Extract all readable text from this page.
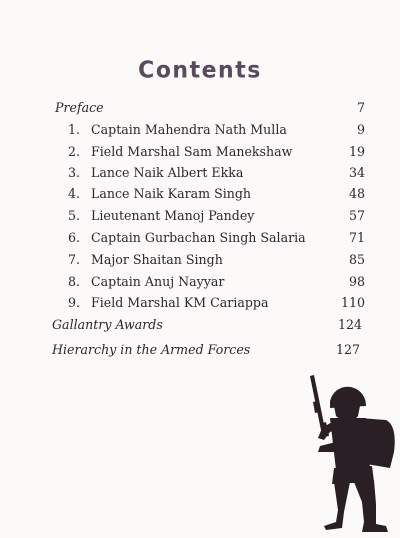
Contents
Preface	7
1. Captain Mahendra Nath Mulla	9
2. Field Marshal Sam Manekshaw	19
3. Lance Naik Albert Ekka	34
4. Lance Naik Karam Singh	48
5. Lieutenant Manoj Pandey	57
6. Captain Gurbachan Singh Salaria	71
7. Major Shaitan Singh	85
8. Captain Anuj Nayyar	98
9. Field Marshal KM Cariappa	110
Gallantry Awards	124
Hierarchy in the Armed Forces	127
